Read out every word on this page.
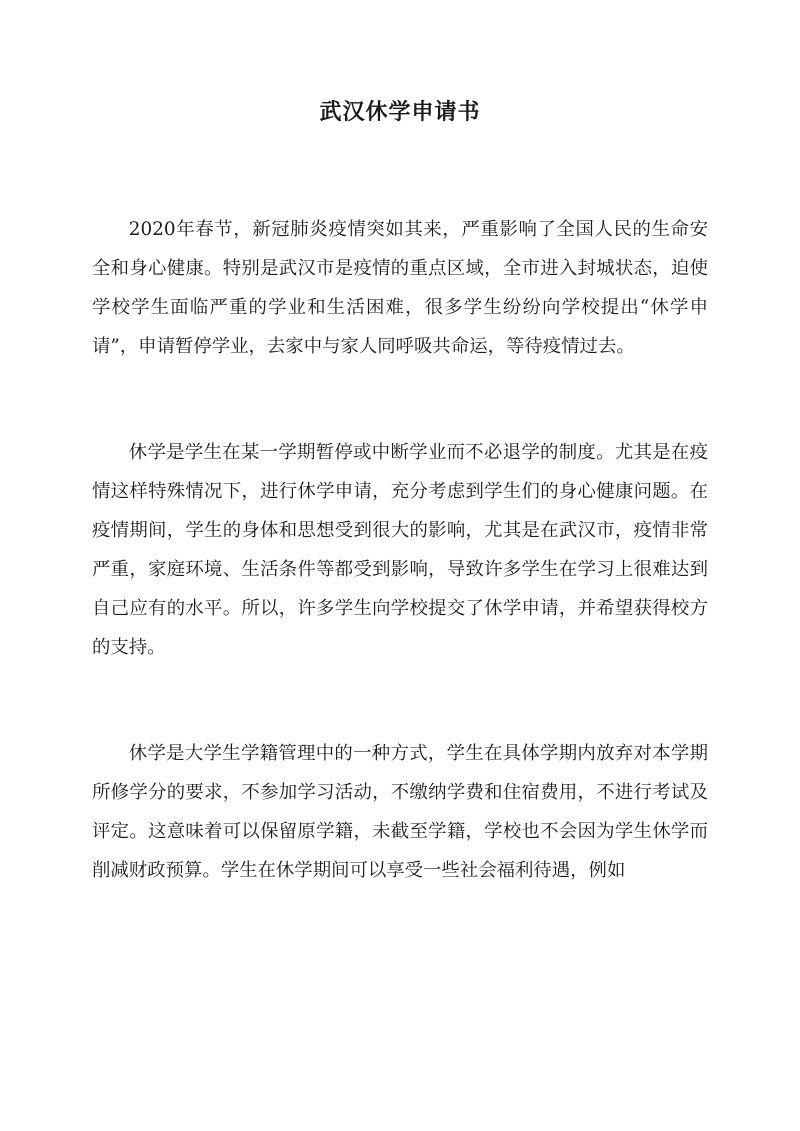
武汉休学申请书

2020年春节，新冠肺炎疫情突如其来，严重影响了全国人民的生命安全和身心健康。特别是武汉市是疫情的重点区域，全市进入封城状态，迫使学校学生面临严重的学业和生活困难，很多学生纷纷向学校提出“休学申请”，申请暂停学业，去家中与家人同呼吸共命运，等待疫情过去。

休学是学生在某一学期暂停或中断学业而不必退学的制度。尤其是在疫情这样特殊情况下，进行休学申请，充分考虑到学生们的身心健康问题。在疫情期间，学生的身体和思想受到很大的影响，尤其是在武汉市，疫情非常严重，家庭环境、生活条件等都受到影响，导致许多学生在学习上很难达到自己应有的水平。所以，许多学生向学校提交了休学申请，并希望获得校方的支持。

休学是大学生学籍管理中的一种方式，学生在具体学期内放弃对本学期所修学分的要求，不参加学习活动，不缴纳学费和住宿费用，不进行考试及评定。这意味着可以保留原学籍，未截至学籍，学校也不会因为学生休学而削减财政预算。学生在休学期间可以享受一些社会福利待遇，例如
